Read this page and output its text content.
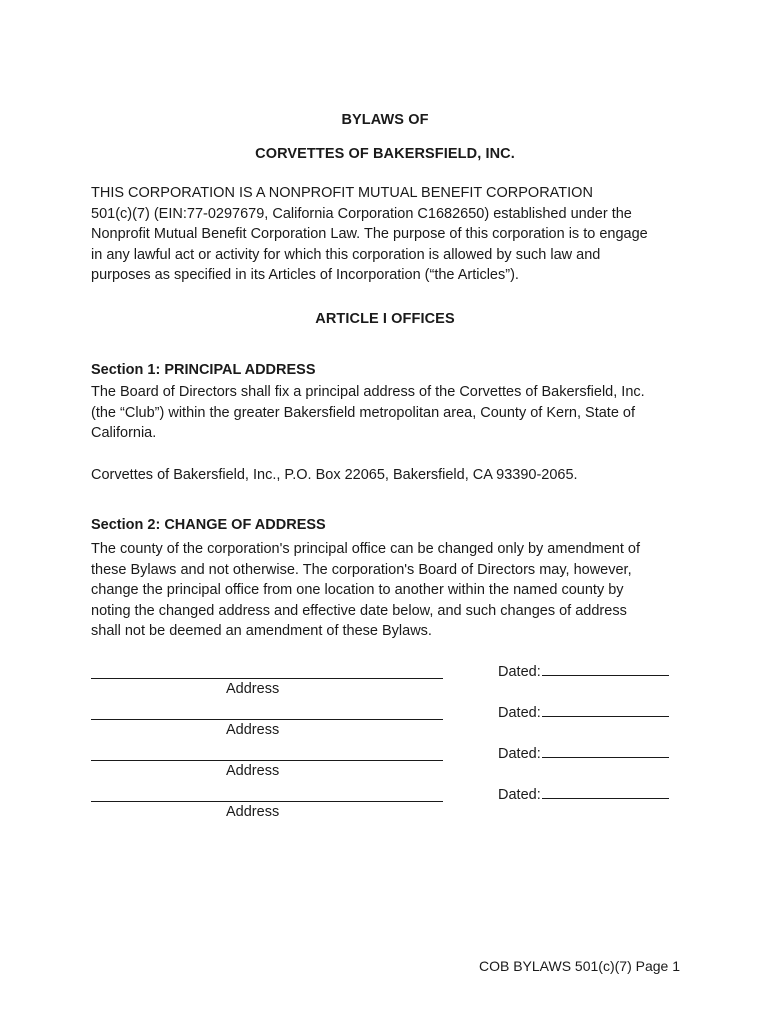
BYLAWS OF
CORVETTES OF BAKERSFIELD, INC.
THIS CORPORATION IS A NONPROFIT MUTUAL BENEFIT CORPORATION
501(c)(7) (EIN:77-0297679, California Corporation C1682650) established under the
Nonprofit Mutual Benefit Corporation Law. The purpose of this corporation is to engage
in any lawful act or activity for which this corporation is allowed by such law and
purposes as specified in its Articles of Incorporation (“the Articles”).
ARTICLE I OFFICES
Section 1: PRINCIPAL ADDRESS
The Board of Directors shall fix a principal address of the Corvettes of Bakersfield, Inc.
(the “Club”) within the greater Bakersfield metropolitan area, County of Kern, State of
California.
Corvettes of Bakersfield, Inc., P.O. Box 22065, Bakersfield, CA 93390-2065.
Section 2: CHANGE OF ADDRESS
The county of the corporation's principal office can be changed only by amendment of
these Bylaws and not otherwise. The corporation's Board of Directors may, however,
change the principal office from one location to another within the named county by
noting the changed address and effective date below, and such changes of address
shall not be deemed an amendment of these Bylaws.
Address
Dated:
Address
Dated:
Address
Dated:
Address
Dated:
COB BYLAWS 501(c)(7) Page 1
